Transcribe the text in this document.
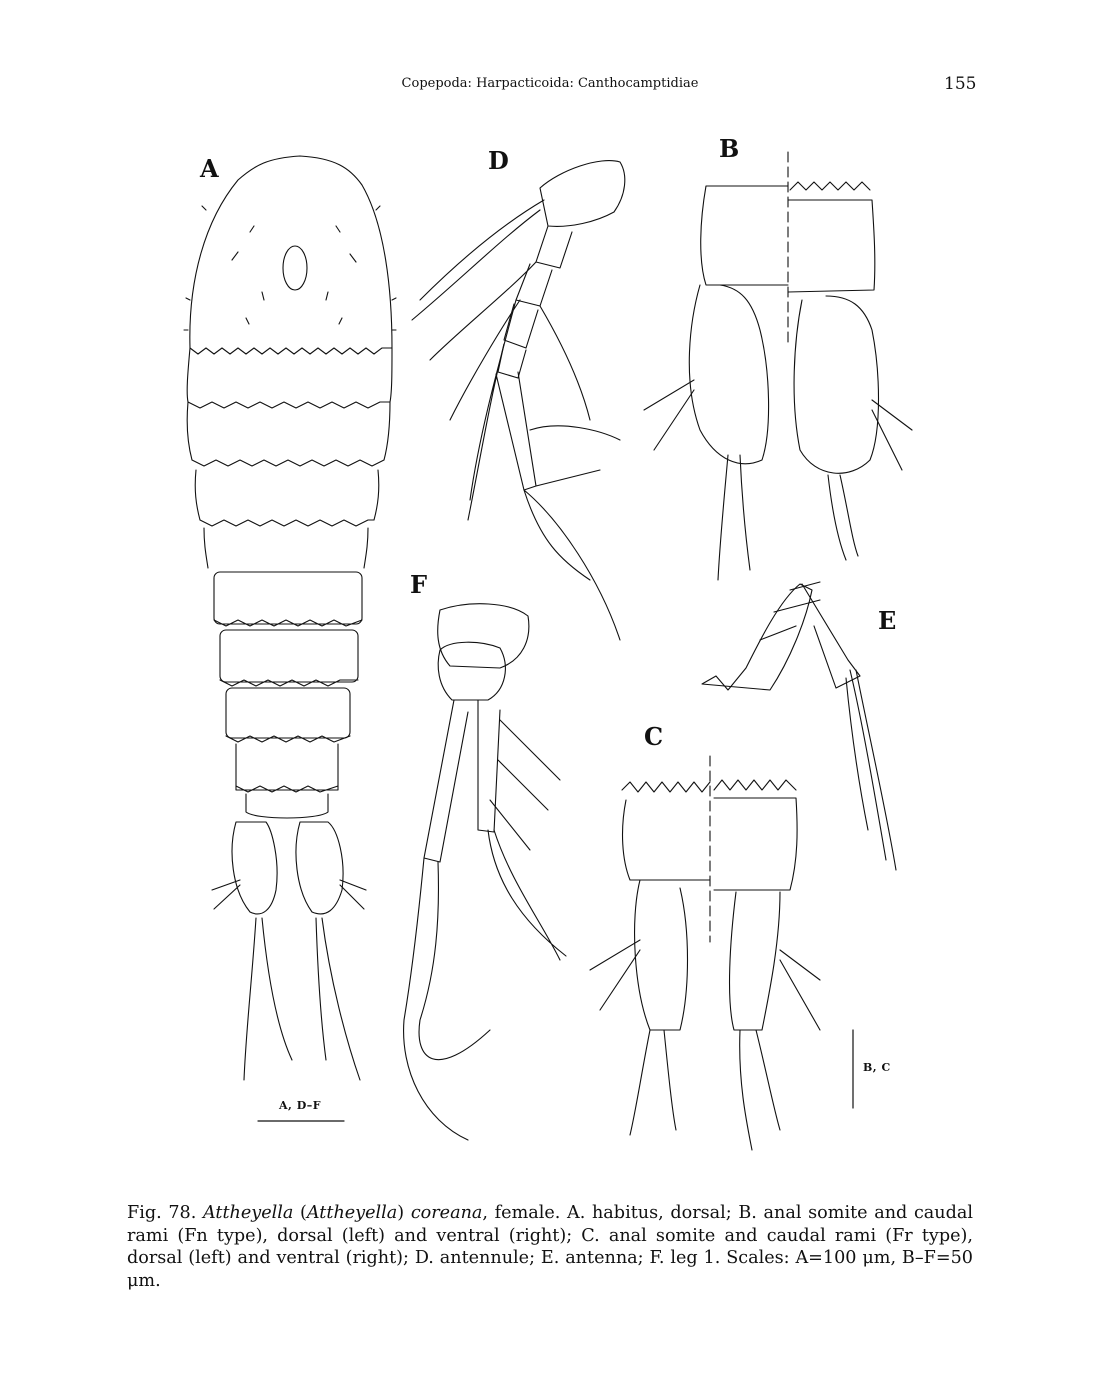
Copepoda: Harpacticoida: Canthocamptidiae	155
A	D	B
F
E
C
A, D–F
B, C
Fig. 78. Attheyella (Attheyella) coreana, female. A. habitus, dorsal; B. anal somite and caudal rami (Fn type), dorsal (left) and ventral (right); C. anal somite and caudal rami (Fr type), dorsal (left) and ventral (right); D. antennule; E. antenna; F. leg 1. Scales: A=100 μm, B–F=50 μm.
